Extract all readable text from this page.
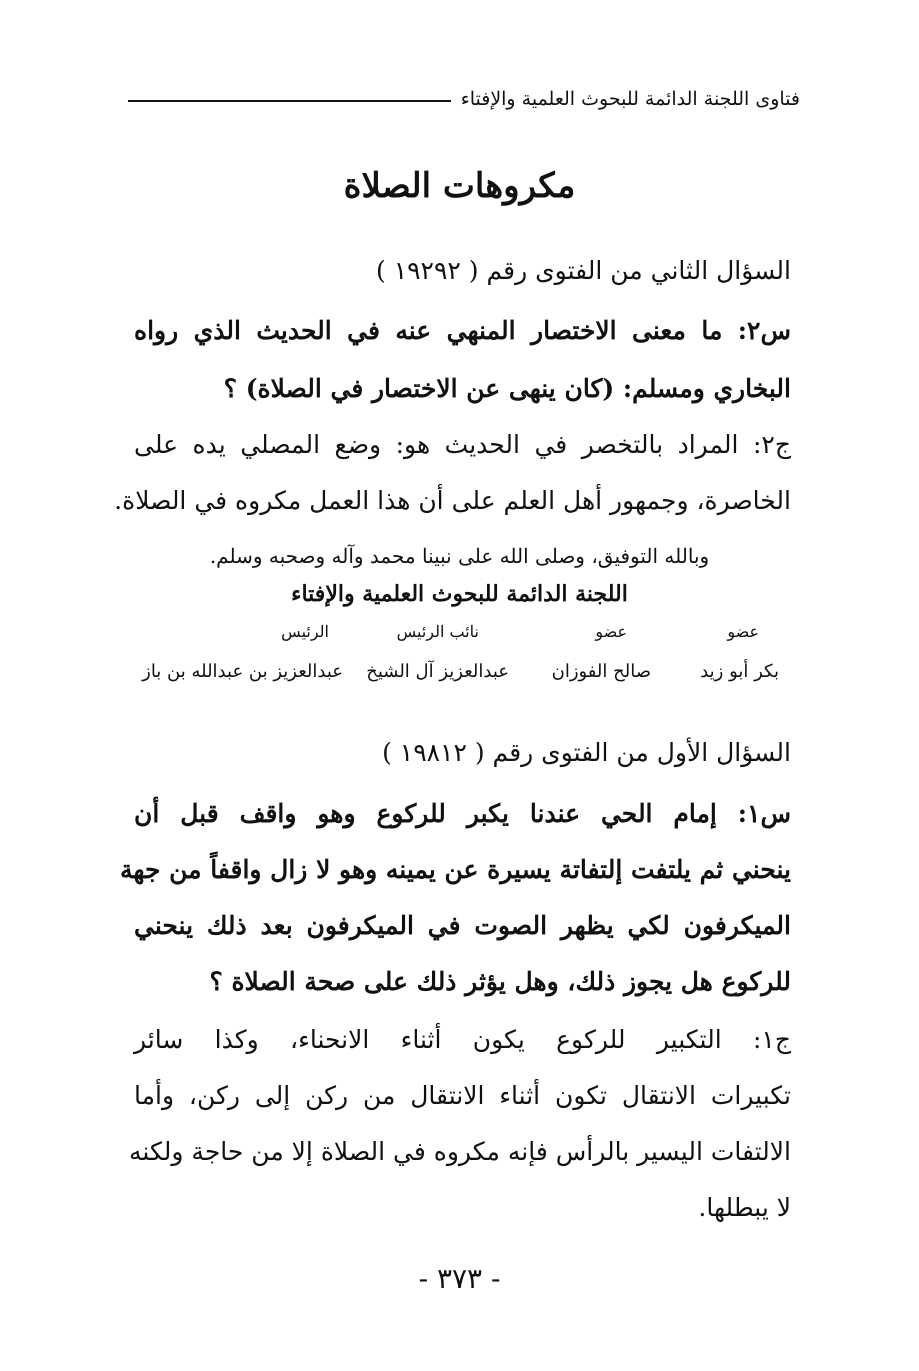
فتاوى اللجنة الدائمة للبحوث العلمية والإفتاء
مكروهات الصلاة
السؤال الثاني من الفتوى رقم ( ١٩٢٩٢ )
س٢: ما معنى الاختصار المنهي عنه في الحديث الذي رواه
البخاري ومسلم: (كان ينهى عن الاختصار في الصلاة) ؟
ج٢: المراد بالتخصر في الحديث هو: وضع المصلي يده على
الخاصرة، وجمهور أهل العلم على أن هذا العمل مكروه في الصلاة.
وبالله التوفيق، وصلى الله على نبينا محمد وآله وصحبه وسلم.
اللجنة الدائمة للبحوث العلمية والإفتاء
عضو
عضو
نائب الرئيس
الرئيس
بكر أبو زيد
صالح الفوزان
عبدالعزيز آل الشيخ
عبدالعزيز بن عبدالله بن باز
السؤال الأول من الفتوى رقم ( ١٩٨١٢ )
س١: إمام الحي عندنا يكبر للركوع وهو واقف قبل أن
ينحني ثم يلتفت إلتفاتة يسيرة عن يمينه وهو لا زال واقفاً من جهة
الميكرفون لكي يظهر الصوت في الميكرفون بعد ذلك ينحني
للركوع هل يجوز ذلك، وهل يؤثر ذلك على صحة الصلاة ؟
ج١: التكبير للركوع يكون أثناء الانحناء، وكذا سائر
تكبيرات الانتقال تكون أثناء الانتقال من ركن إلى ركن، وأما
الالتفات اليسير بالرأس فإنه مكروه في الصلاة إلا من حاجة ولكنه
لا يبطلها.
- ٣٧٣ -
